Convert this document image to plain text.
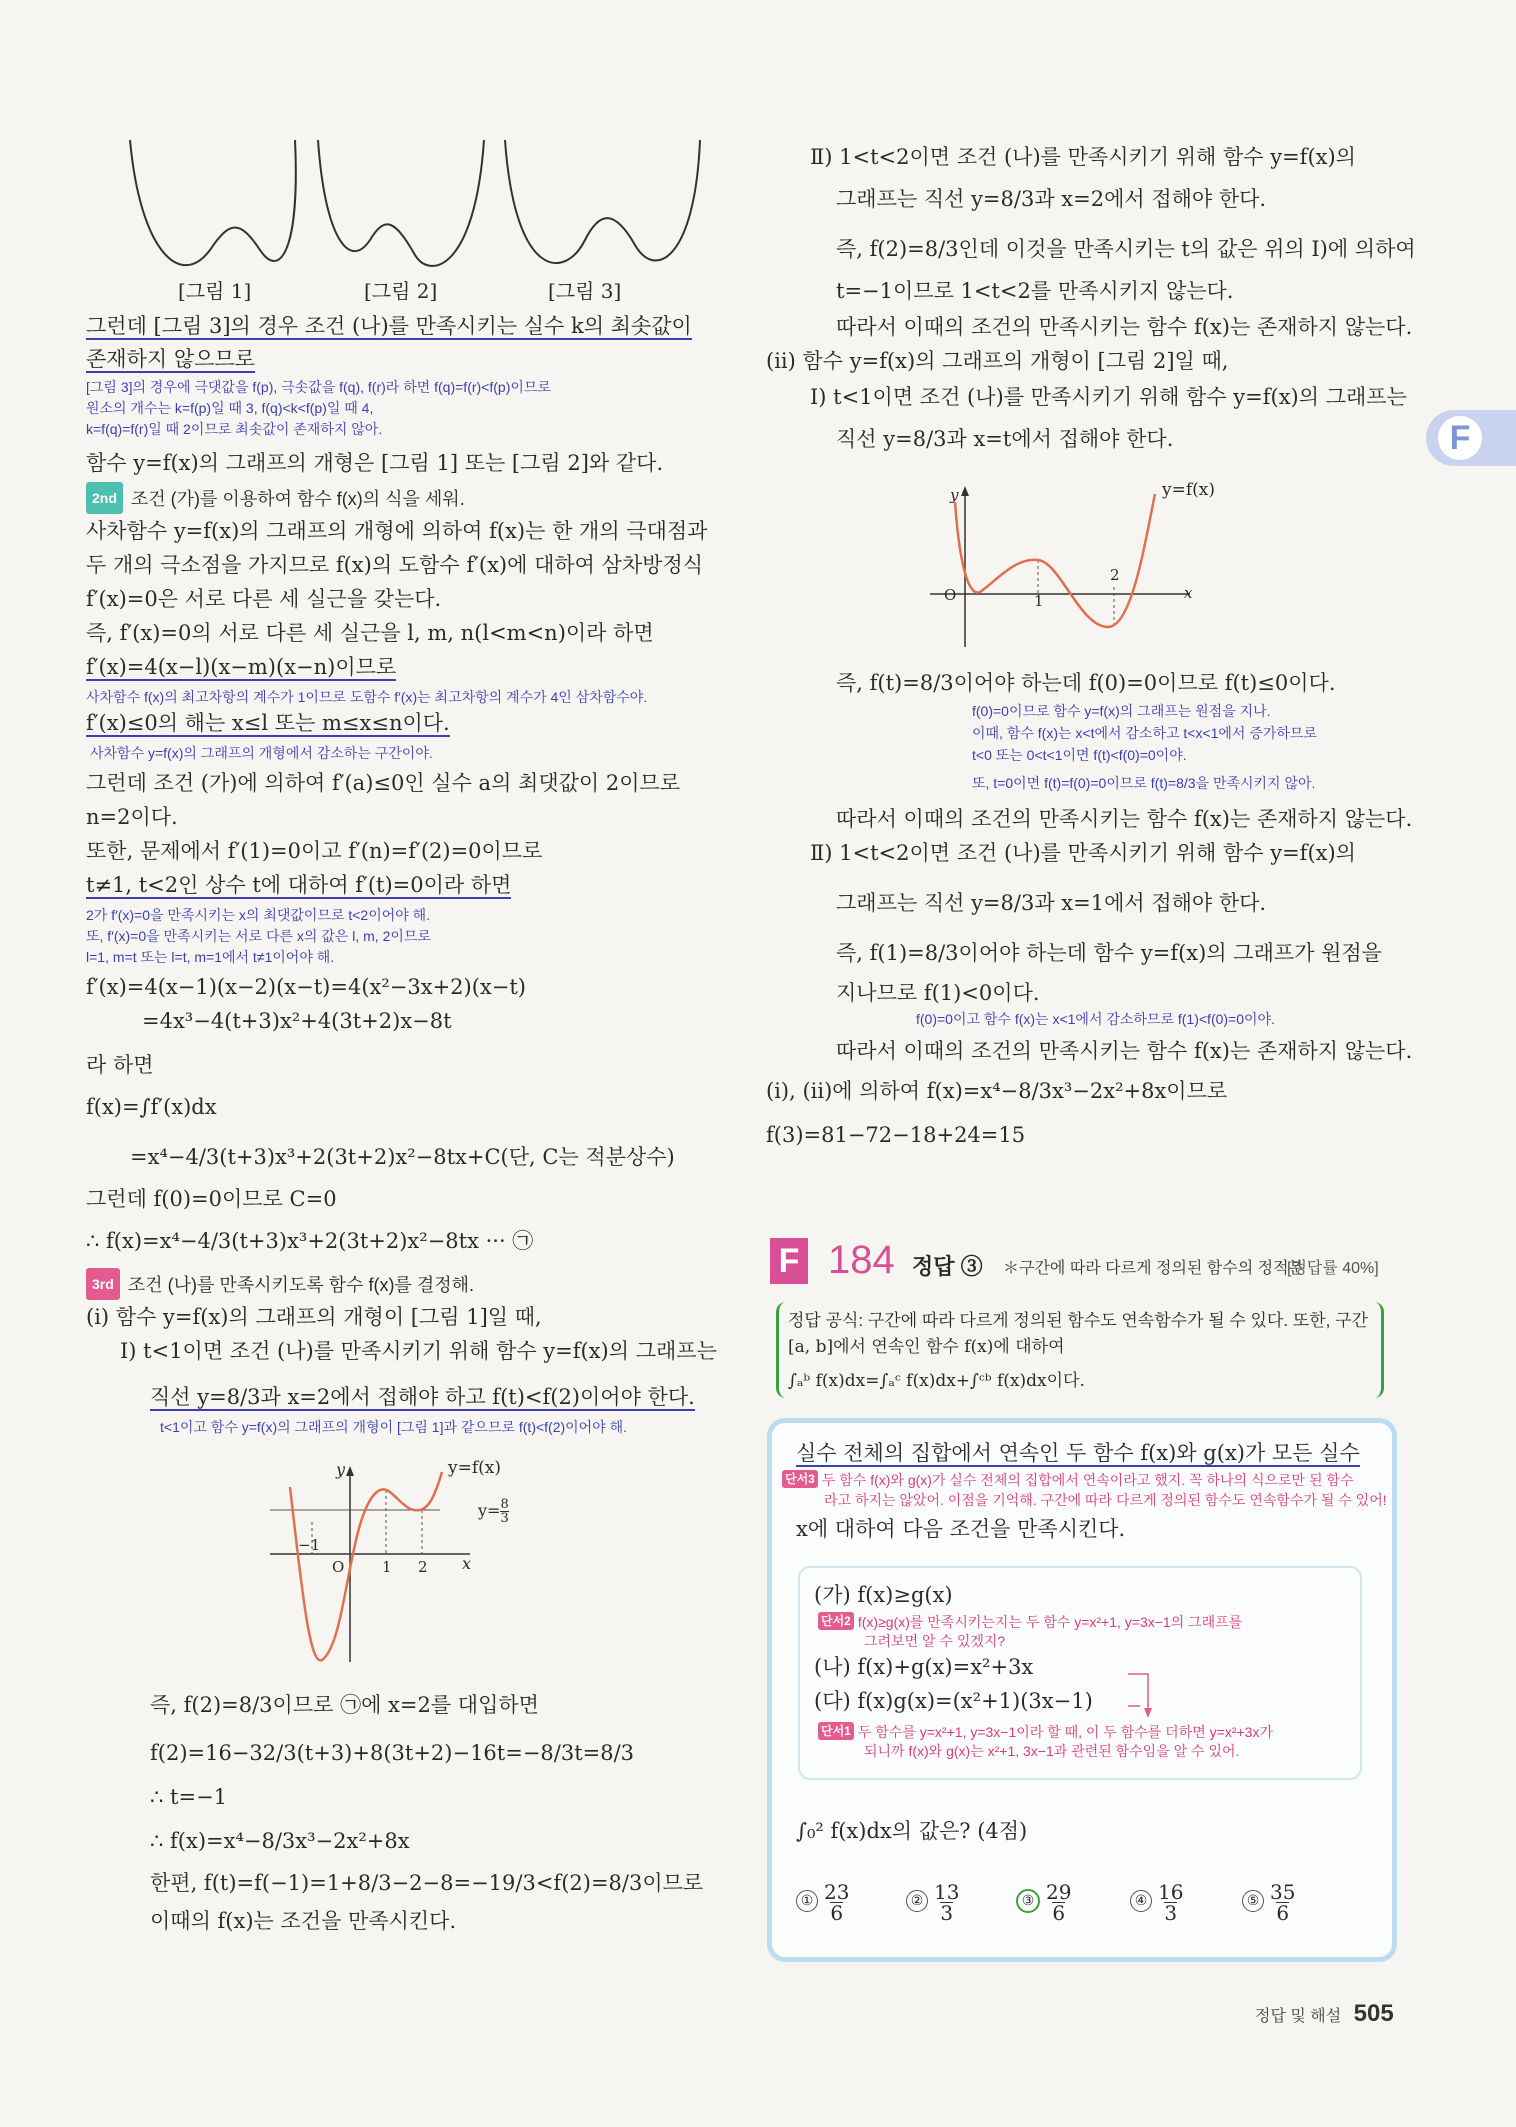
F
[그림 1]	[그림 2]	[그림 3]
그런데 [그림 3]의 경우 조건 (나)를 만족시키는 실수 k의 최솟값이
존재하지 않으므로
[그림 3]의 경우에 극댓값을 f(p), 극솟값을 f(q), f(r)라 하면 f(q)=f(r)<f(p)이므로
원소의 개수는 k=f(p)일 때 3, f(q)<k<f(p)일 때 4,
k=f(q)=f(r)일 때 2이므로 최솟값이 존재하지 않아.
함수 y=f(x)의 그래프의 개형은 [그림 1] 또는 [그림 2]와 같다.
2nd 조건 (가)를 이용하여 함수 f(x)의 식을 세워.
사차함수 y=f(x)의 그래프의 개형에 의하여 f(x)는 한 개의 극대점과
두 개의 극소점을 가지므로 f(x)의 도함수 f′(x)에 대하여 삼차방정식
f′(x)=0은 서로 다른 세 실근을 갖는다.
즉, f′(x)=0의 서로 다른 세 실근을 l, m, n(l<m<n)이라 하면
f′(x)=4(x−l)(x−m)(x−n)이므로
사차함수 f(x)의 최고차항의 계수가 1이므로 도함수 f′(x)는 최고차항의 계수가 4인 삼차함수야.
f′(x)≤0의 해는 x≤l 또는 m≤x≤n이다.
사차함수 y=f(x)의 그래프의 개형에서 감소하는 구간이야.
그런데 조건 (가)에 의하여 f′(a)≤0인 실수 a의 최댓값이 2이므로
n=2이다.
또한, 문제에서 f′(1)=0이고 f′(n)=f′(2)=0이므로
t≠1, t<2인 상수 t에 대하여 f′(t)=0이라 하면
2가 f′(x)=0을 만족시키는 x의 최댓값이므로 t<2이어야 해.
또, f′(x)=0을 만족시키는 서로 다른 x의 값은 l, m, 2이므로
l=1, m=t 또는 l=t, m=1에서 t≠1이어야 해.
f′(x)=4(x−1)(x−2)(x−t)=4(x²−3x+2)(x−t)
=4x³−4(t+3)x²+4(3t+2)x−8t
라 하면
f(x)=∫f′(x)dx
=x⁴−4/3(t+3)x³+2(3t+2)x²−8tx+C(단, C는 적분상수)
그런데 f(0)=0이므로 C=0
∴ f(x)=x⁴−4/3(t+3)x³+2(3t+2)x²−8tx ··· ㉠
3rd 조건 (나)를 만족시키도록 함수 f(x)를 결정해.
(i) 함수 y=f(x)의 그래프의 개형이 [그림 1]일 때,
Ⅰ) t<1이면 조건 (나)를 만족시키기 위해 함수 y=f(x)의 그래프는
직선 y=8/3과 x=2에서 접해야 하고 f(t)<f(2)이어야 한다.
t<1이고 함수 y=f(x)의 그래프의 개형이 [그림 1]과 같으므로 f(t)<f(2)이어야 해.
y=f(x)
y
x
O
−1
1 2
$y=\frac{8}{3}$
즉, f(2)=8/3이므로 ㉠에 x=2를 대입하면
f(2)=16−32/3(t+3)+8(3t+2)−16t=−8/3t=8/3
∴ t=−1
∴ f(x)=x⁴−8/3x³−2x²+8x
한편, f(t)=f(−1)=1+8/3−2−8=−19/3<f(2)=8/3이므로
이때의 f(x)는 조건을 만족시킨다.
Ⅱ) 1<t<2이면 조건 (나)를 만족시키기 위해 함수 y=f(x)의
그래프는 직선 y=8/3과 x=2에서 접해야 한다.
즉, f(2)=8/3인데 이것을 만족시키는 t의 값은 위의 Ⅰ)에 의하여
t=−1이므로 1<t<2를 만족시키지 않는다.
따라서 이때의 조건의 만족시키는 함수 f(x)는 존재하지 않는다.
(ii) 함수 y=f(x)의 그래프의 개형이 [그림 2]일 때,
Ⅰ) t<1이면 조건 (나)를 만족시키기 위해 함수 y=f(x)의 그래프는
직선 y=8/3과 x=t에서 접해야 한다.
y=f(x)
y
x
O	1
2
즉, f(t)=8/3이어야 하는데 f(0)=0이므로 f(t)≤0이다.
f(0)=0이므로 함수 y=f(x)의 그래프는 원점을 지나.
이때, 함수 f(x)는 x<t에서 감소하고 t<x<1에서 증가하므로
t<0 또는 0<t<1이면 f(t)<f(0)=0이야.
또, t=0이면 f(t)=f(0)=0이므로 f(t)=8/3을 만족시키지 않아.
따라서 이때의 조건의 만족시키는 함수 f(x)는 존재하지 않는다.
Ⅱ) 1<t<2이면 조건 (나)를 만족시키기 위해 함수 y=f(x)의
그래프는 직선 y=8/3과 x=1에서 접해야 한다.
즉, f(1)=8/3이어야 하는데 함수 y=f(x)의 그래프가 원점을
지나므로 f(1)<0이다.
f(0)=0이고 함수 f(x)는 x<1에서 감소하므로 f(1)<f(0)=0이야.
따라서 이때의 조건의 만족시키는 함수 f(x)는 존재하지 않는다.
(i), (ii)에 의하여 f(x)=x⁴−8/3x³−2x²+8x이므로
f(3)=81−72−18+24=15
F 184 정답 ③ ＊구간에 따라 다르게 정의된 함수의 정적분
[정답률 40%]
정답 공식: 구간에 따라 다르게 정의된 함수도 연속함수가 될 수 있다. 또한, 구간
[a, b]에서 연속인 함수 f(x)에 대하여
∫ₐᵇ f(x)dx=∫ₐᶜ f(x)dx+∫ᶜᵇ f(x)dx이다.
실수 전체의 집합에서 연속인 두 함수 f(x)와 g(x)가 모든 실수
단서3 두 함수 f(x)와 g(x)가 실수 전체의 집합에서 연속이라고 했지. 꼭 하나의 식으로만 된 함수
라고 하지는 않았어. 이점을 기억해. 구간에 따라 다르게 정의된 함수도 연속함수가 될 수 있어!
x에 대하여 다음 조건을 만족시킨다.
(가) f(x)≥g(x)
단서2 f(x)≥g(x)를 만족시키는지는 두 함수 y=x²+1, y=3x−1의 그래프를
그려보면 알 수 있겠지?
(나) f(x)+g(x)=x²+3x
(다) f(x)g(x)=(x²+1)(3x−1)
단서1 두 함수를 y=x²+1, y=3x−1이라 할 때, 이 두 함수를 더하면 y=x²+3x가
되니까 f(x)와 g(x)는 x²+1, 3x−1과 관련된 함수임을 알 수 있어.
∫₀² f(x)dx의 값은? (4점)
① $\frac{23}{6}$	② $\frac{13}{3}$	③ $\frac{29}{6}$	④ $\frac{16}{3}$	⑤ $\frac{35}{6}$
정답 및 해설 505
